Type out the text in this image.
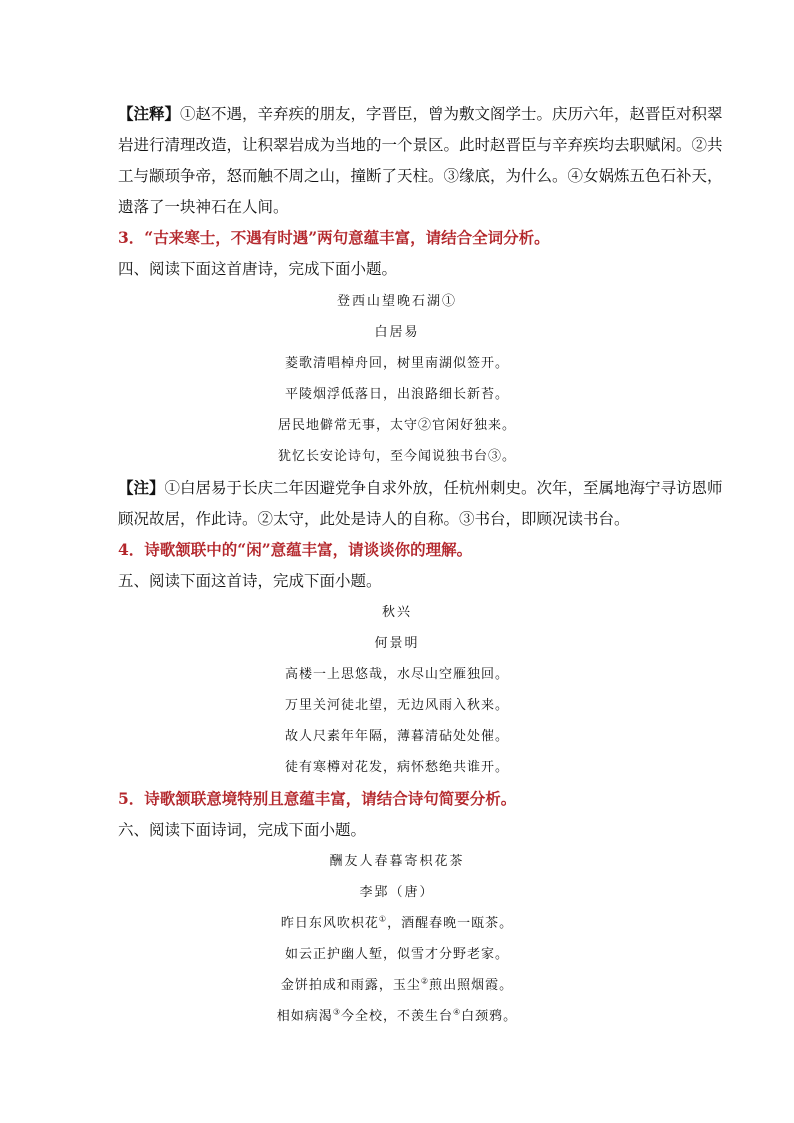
【注释】①赵不遇，辛弃疾的朋友，字晋臣，曾为敷文阁学士。庆历六年，赵晋臣对积翠
岩进行清理改造，让积翠岩成为当地的一个景区。此时赵晋臣与辛弃疾均去职赋闲。②共
工与颛顼争帝，怒而触不周之山，撞断了天柱。③缘底，为什么。④女娲炼五色石补天，
遗落了一块神石在人间。
3．“古来寒士，不遇有时遇”两句意蕴丰富，请结合全词分析。
四、阅读下面这首唐诗，完成下面小题。
登西山望晚石湖①
白居易
菱歌清唱棹舟回，树里南湖似签开。
平陵烟浮低落日，出浪路细长新苔。
居民地僻常无事，太守②官闲好独来。
犹忆长安论诗句，至今闻说独书台③。
【注】①白居易于长庆二年因避党争自求外放，任杭州刺史。次年，至属地海宁寻访恩师
顾况故居，作此诗。②太守，此处是诗人的自称。③书台，即顾况读书台。
4．诗歌颔联中的“闲”意蕴丰富，请谈谈你的理解。
五、阅读下面这首诗，完成下面小题。
秋兴
何景明
高楼一上思悠哉，水尽山空雁独回。
万里关河徒北望，无边风雨入秋来。
故人尺素年年隔，薄暮清砧处处催。
徒有寒樽对花发，病怀愁绝共谁开。
5．诗歌颔联意境特别且意蕴丰富，请结合诗句简要分析。
六、阅读下面诗词，完成下面小题。
酬友人春暮寄枳花茶
李郢（唐）
昨日东风吹枳花①，酒醒春晚一瓯茶。
如云正护幽人堑，似雪才分野老家。
金饼拍成和雨露，玉尘②煎出照烟霞。
相如病渴③今全校，不羡生台④白颈鸦。
